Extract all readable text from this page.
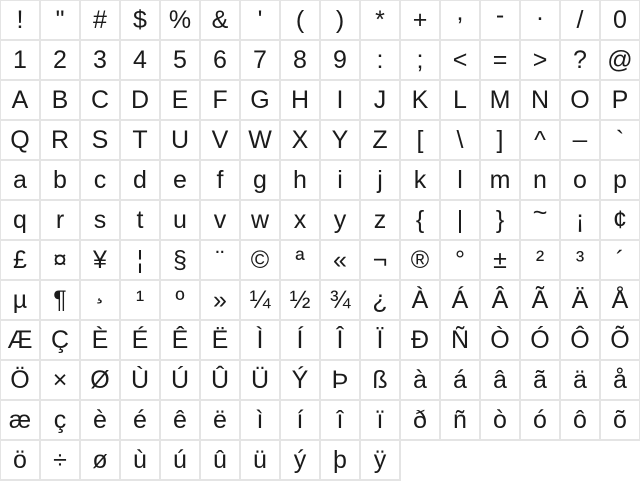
!	"	#	$ % &	'	(	)	*	+	,	-	.	/	0
1	2	3	4	5	6	7	8	9	:	;	<	=	>	? @
A B C D E F G H	I	J	K L M N O P
Q R S T U V W X Y Z	[	\	]	^	_	`
a	b	c	d	e	f	g	h	i	j	k	l	m n	o	p
q	r	s	t	u	v w x	y	z	{	|	}	~	¡	¢
£	¤	¥	¦	§	¨	©	ª	«	¬ ®	°	±	²	³	´
µ	¶	¸	¹	º	» ¼ ½ ¾ ¿ À Á Â Ã Ä Å
Æ Ç È É Ê Ë	Ì	Í	Î	Ï	Ð Ñ Ò Ó Ô Õ
Ö × Ø Ù Ú Û Ü Ý Þ ß	à	á	â	ã	ä	å
æ ç	è	é	ê	ë	ì	í	î	ï	ð	ñ	ò	ó	ô	õ
ö	÷	ø	ù	ú	û	ü	ý	þ	ÿ
